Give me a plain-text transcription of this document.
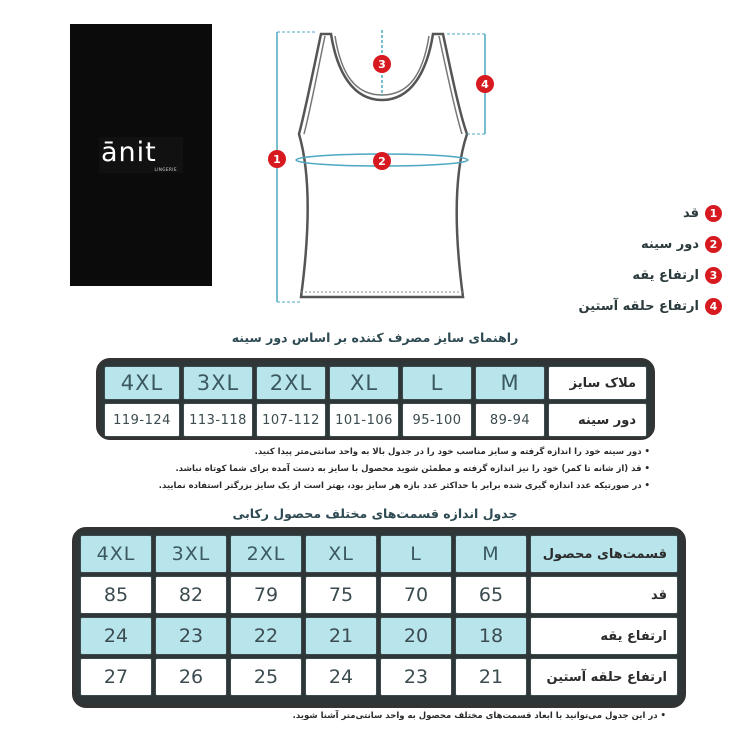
ānit
LINGERIE
1	2
3
4
قد 1
دور سینه 2
ارتفاع یقه 3
ارتفاع حلقه آستین 4
راهنمای سایز مصرف کننده بر اساس دور سینه
4XL	3XL	2XL	XL	L	M	ملاک سایز
119-124	113-118	107-112	101-106	95-100	89-94	دور سینه
• دور سینه خود را اندازه گرفته و سایز مناسب خود را در جدول بالا به واحد سانتی‌متر پیدا کنید.
• قد (از شانه تا کمر) خود را نیز اندازه گرفته و مطمئن شوید محصول با سایز به دست آمده برای شما کوتاه نباشد.
• در صورتیکه عدد اندازه گیری شده برابر با حداکثر عدد بازه هر سایز بود، بهتر است از یک سایز بزرگتر استفاده نمایید.
جدول اندازه قسمت‌های مختلف محصول رکابی
4XL	3XL	2XL	XL	L	M	قسمت‌های محصول
85	82	79	75	70	65	قد
24	23	22	21	20	18	ارتفاع یقه
27	26	25	24	23	21	ارتفاع حلقه آستین
• در این جدول می‌توانید با ابعاد قسمت‌های مختلف محصول به واحد سانتی‌متر آشنا شوید.
